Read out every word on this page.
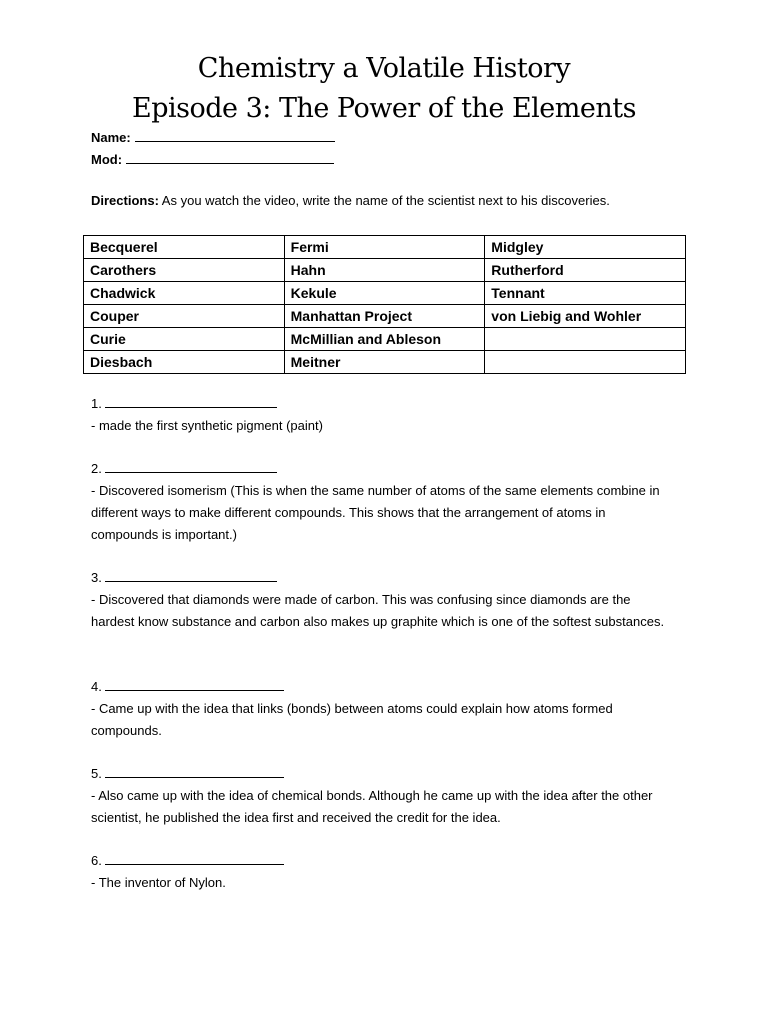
Chemistry a Volatile History
Episode 3: The Power of the Elements
Name:
Mod:
Directions: As you watch the video, write the name of the scientist next to his discoveries.
Becquerel	Fermi	Midgley
Carothers	Hahn	Rutherford
Chadwick	Kekule	Tennant
Couper	Manhattan Project	von Liebig and Wohler
Curie	McMillian and Ableson	
Diesbach	Meitner	
1.
- made the first synthetic pigment (paint)
2.
- Discovered isomerism (This is when the same number of atoms of the same elements combine in different ways to make different compounds. This shows that the arrangement of atoms in compounds is important.)
3.
- Discovered that diamonds were made of carbon. This was confusing since diamonds are the hardest know substance and carbon also makes up graphite which is one of the softest substances.
4.
- Came up with the idea that links (bonds) between atoms could explain how atoms formed compounds.
5.
- Also came up with the idea of chemical bonds. Although he came up with the idea after the other scientist, he published the idea first and received the credit for the idea.
6.
- The inventor of Nylon.
